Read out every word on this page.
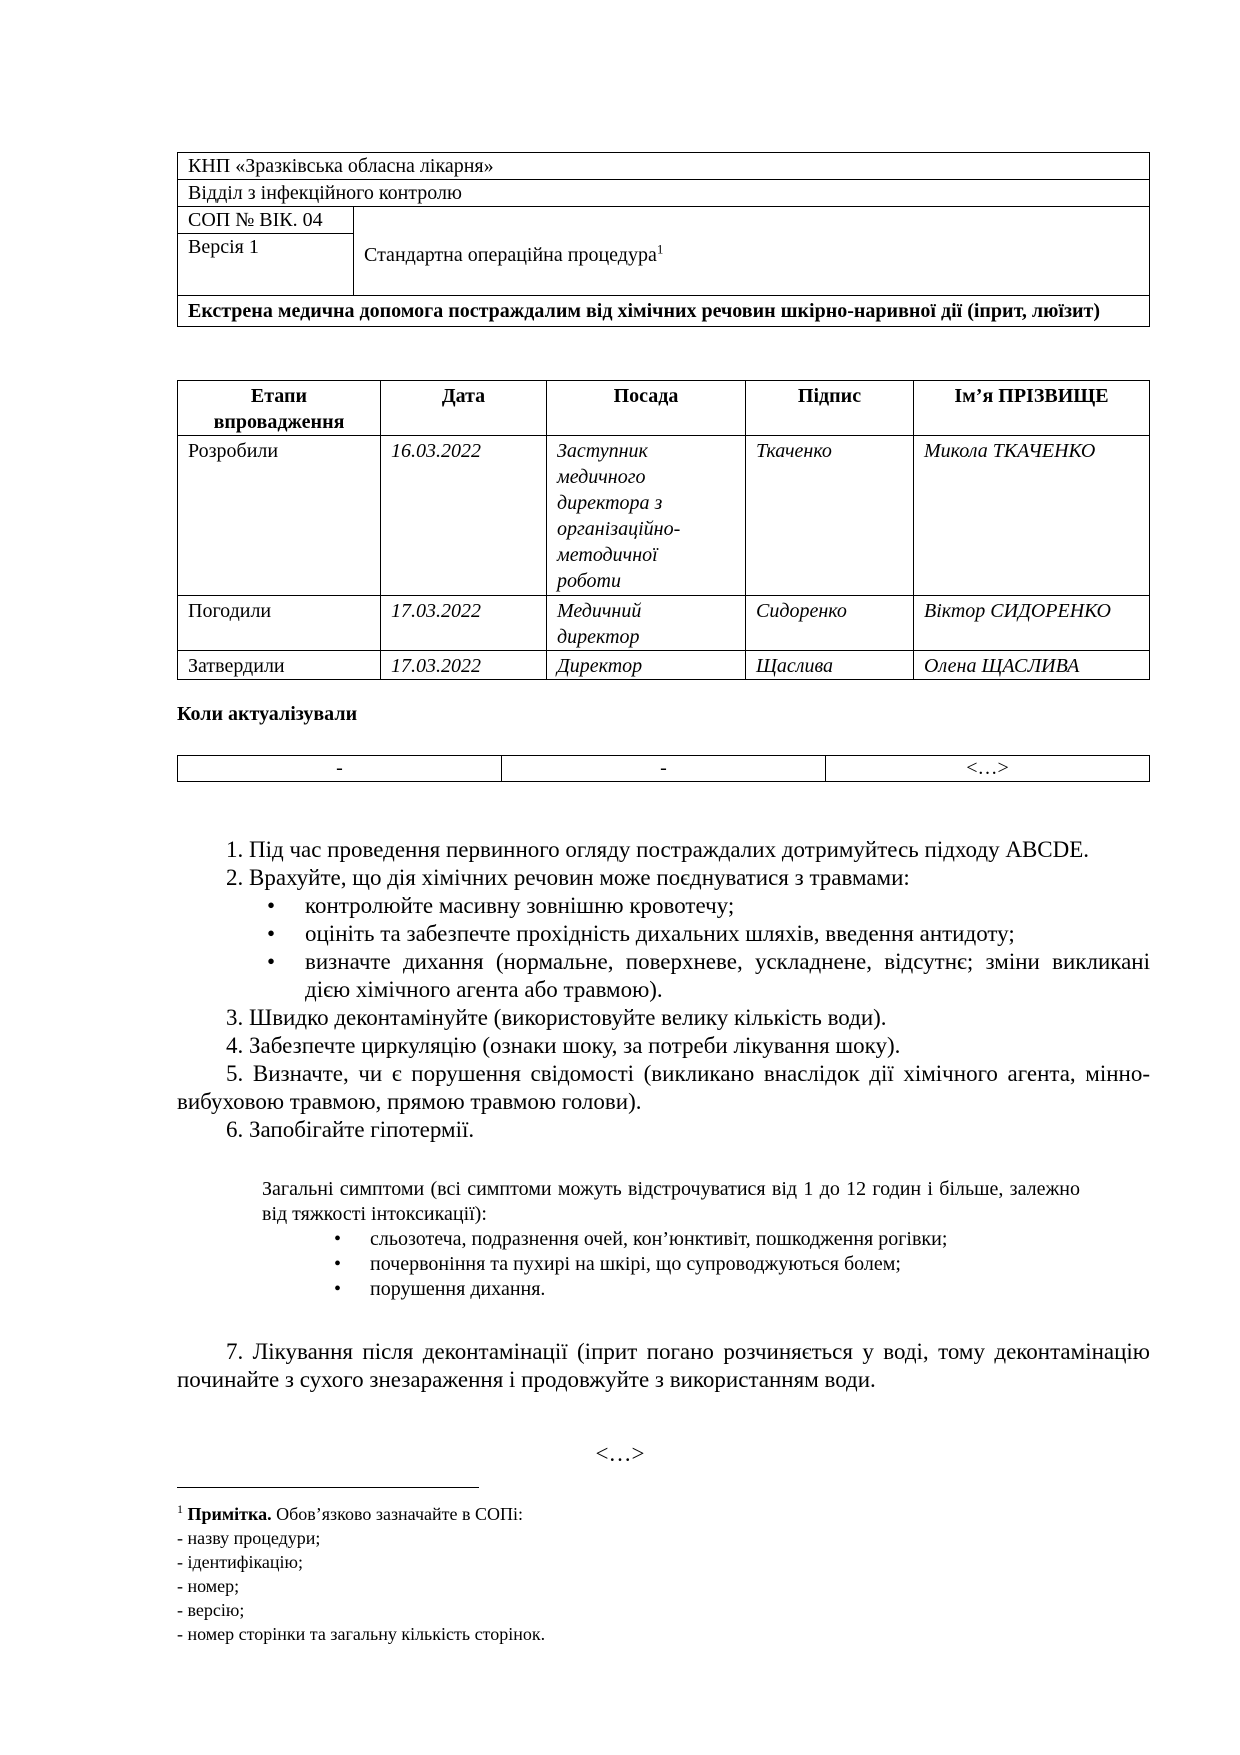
КНП «Зразківська обласна лікарня»
Відділ з інфекційного контролю
СОП № ВІК. 04	Стандартна операційна процедура$^1$
Версія 1
Екстрена медична допомога постраждалим від хімічних речовин шкірно-наривної дії (іприт, люїзит)
Етапи впровадження	Дата	Посада	Підпис	Ім’я ПРІЗВИЩЕ
Розробили	16.03.2022	Заступник медичного директора з організаційно-методичної роботи	Ткаченко	Микола ТКАЧЕНКО
Погодили	17.03.2022	Медичний директор	Сидоренко	Віктор СИДОРЕНКО
Затвердили	17.03.2022	Директор	Щаслива	Олена ЩАСЛИВА
Коли актуалізували
-	-	<…>
1. Під час проведення первинного огляду постраждалих дотримуйтесь підходу ABCDE.
2. Врахуйте, що дія хімічних речовин може поєднуватися з травмами:
• контролюйте масивну зовнішню кровотечу;
• оцініть та забезпечте прохідність дихальних шляхів, введення антидоту;
• визначте дихання (нормальне, поверхневе, ускладнене, відсутнє; зміни викликані дією хімічного агента або травмою).
3. Швидко деконтамінуйте (використовуйте велику кількість води).
4. Забезпечте циркуляцію (ознаки шоку, за потреби лікування шоку).
5. Визначте, чи є порушення свідомості (викликано внаслідок дії хімічного агента, мінно-вибуховою травмою, прямою травмою голови).
6. Запобігайте гіпотермії.
Загальні симптоми (всі симптоми можуть відстрочуватися від 1 до 12 годин і більше, залежно від тяжкості інтоксикації):
• сльозотеча, подразнення очей, кон’юнктивіт, пошкодження рогівки;
• почервоніння та пухирі на шкірі, що супроводжуються болем;
• порушення дихання.
7. Лікування після деконтамінації (іприт погано розчиняється у воді, тому деконтамінацію починайте з сухого знезараження і продовжуйте з використанням води.
<…>
$^1$ Примітка. Обов’язково зазначайте в СОПі:
- назву процедури;
- ідентифікацію;
- номер;
- версію;
- номер сторінки та загальну кількість сторінок.
